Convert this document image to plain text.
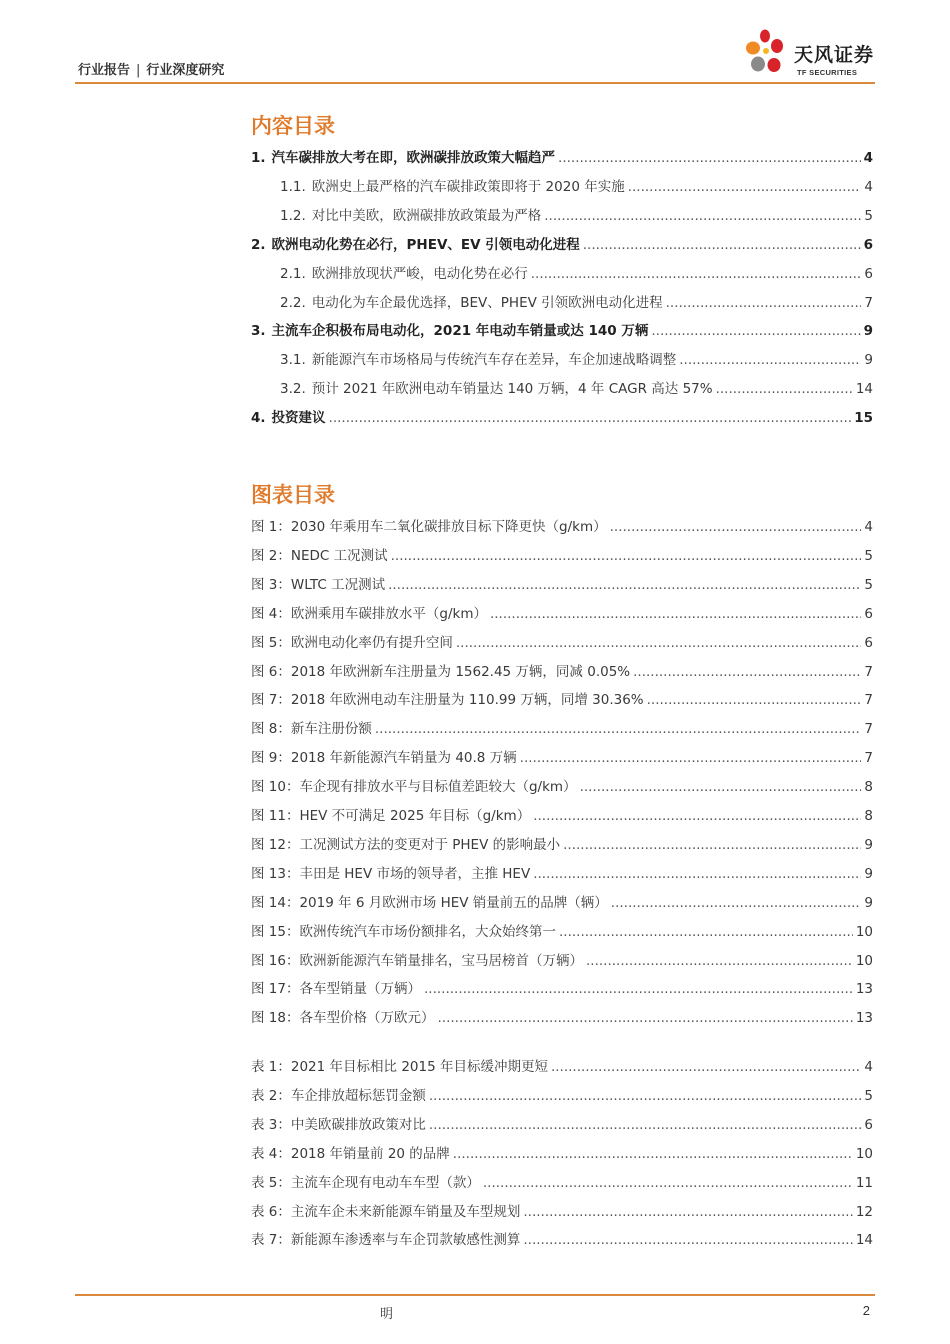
行业报告 | 行业深度研究
天风证券
TF SECURITIES
内容目录
1. 汽车碳排放大考在即，欧洲碳排放政策大幅趋严 .....	4
1.1. 欧洲史上最严格的汽车碳排政策即将于 2020 年实施 .....	4
1.2. 对比中美欧，欧洲碳排放政策最为严格 .....	5
2. 欧洲电动化势在必行，PHEV、EV 引领电动化进程 .....	6
2.1. 欧洲排放现状严峻，电动化势在必行 .....	6
2.2. 电动化为车企最优选择，BEV、PHEV 引领欧洲电动化进程 .....	7
3. 主流车企积极布局电动化，2021 年电动车销量或达 140 万辆 .....	9
3.1. 新能源汽车市场格局与传统汽车存在差异，车企加速战略调整 .....	9
3.2. 预计 2021 年欧洲电动车销量达 140 万辆，4 年 CAGR 高达 57% .....	14
4. 投资建议 .....	15
图表目录
图 1：2030 年乘用车二氧化碳排放目标下降更快（g/km） .....	4
图 2：NEDC 工况测试 .....	5
图 3：WLTC 工况测试 .....	5
图 4：欧洲乘用车碳排放水平（g/km） .....	6
图 5：欧洲电动化率仍有提升空间 .....	6
图 6：2018 年欧洲新车注册量为 1562.45 万辆，同减 0.05% .....	7
图 7：2018 年欧洲电动车注册量为 110.99 万辆，同增 30.36% .....	7
图 8：新车注册份额 .....	7
图 9：2018 年新能源汽车销量为 40.8 万辆 .....	7
图 10：车企现有排放水平与目标值差距较大（g/km） .....	8
图 11：HEV 不可满足 2025 年目标（g/km） .....	8
图 12：工况测试方法的变更对于 PHEV 的影响最小 .....	9
图 13：丰田是 HEV 市场的领导者，主推 HEV .....	9
图 14：2019 年 6 月欧洲市场 HEV 销量前五的品牌（辆） .....	9
图 15：欧洲传统汽车市场份额排名，大众始终第一 .....	10
图 16：欧洲新能源汽车销量排名，宝马居榜首（万辆） .....	10
图 17：各车型销量（万辆） .....	13
图 18：各车型价格（万欧元） .....	13
表 1：2021 年目标相比 2015 年目标缓冲期更短 .....	4
表 2：车企排放超标惩罚金额 .....	5
表 3：中美欧碳排放政策对比 .....	6
表 4：2018 年销量前 20 的品牌 .....	10
表 5：主流车企现有电动车车型（款） .....	11
表 6：主流车企未来新能源车销量及车型规划 .....	12
表 7：新能源车渗透率与车企罚款敏感性测算 .....	14
明	2
